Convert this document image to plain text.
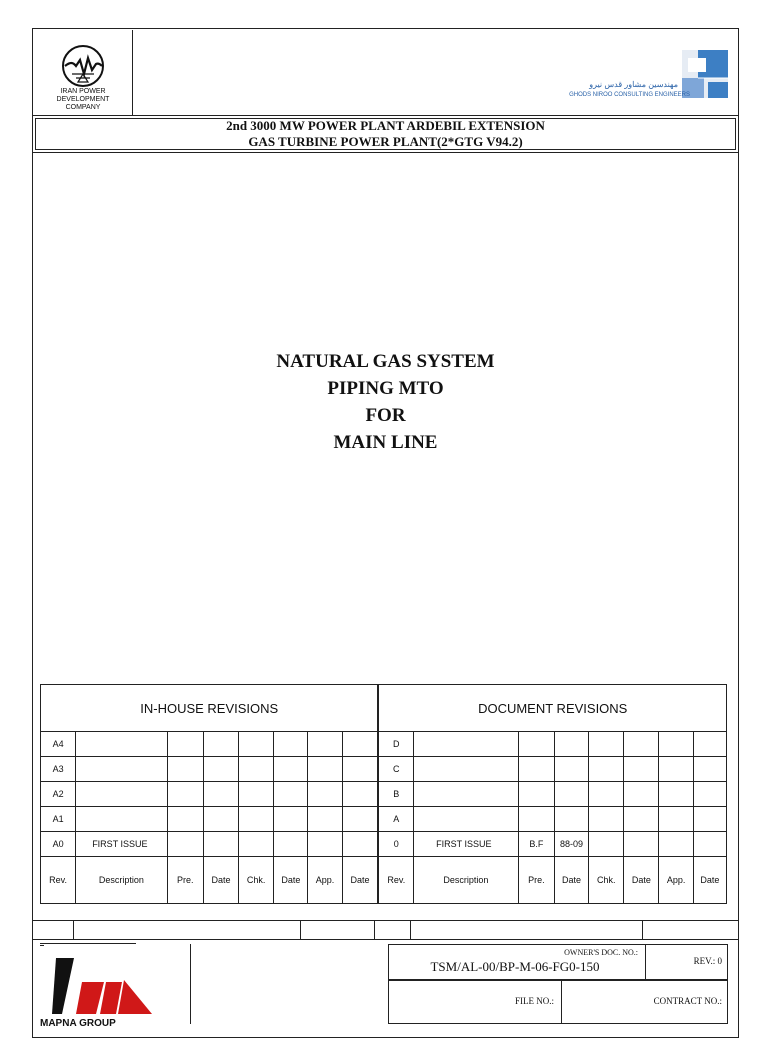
IRAN POWER
DEVELOPMENT
COMPANY
مهندسین مشاور قدس نیرو
GHODS NIROO CONSULTING ENGINEERS
2nd 3000 MW POWER PLANT ARDEBIL EXTENSION
GAS TURBINE POWER PLANT(2*GTG V94.2)
NATURAL GAS SYSTEM
PIPING MTO
FOR
MAIN LINE
IN-HOUSE REVISIONS								DOCUMENT REVISIONS							
A4								D							
A3								C							
A2								B							
A1								A							
A0	FIRST ISSUE							0	FIRST ISSUE	B.F	88-09				
Rev.	Description	Pre.	Date	Chk.	Date	App.	Date	Rev.	Description	Pre.	Date	Chk.	Date	App.	Date
MAPNA GROUP
OWNER'S DOC. NO.:
TSM/AL-00/BP-M-06-FG0-150	REV.: 0
FILE NO.:	CONTRACT NO.:
